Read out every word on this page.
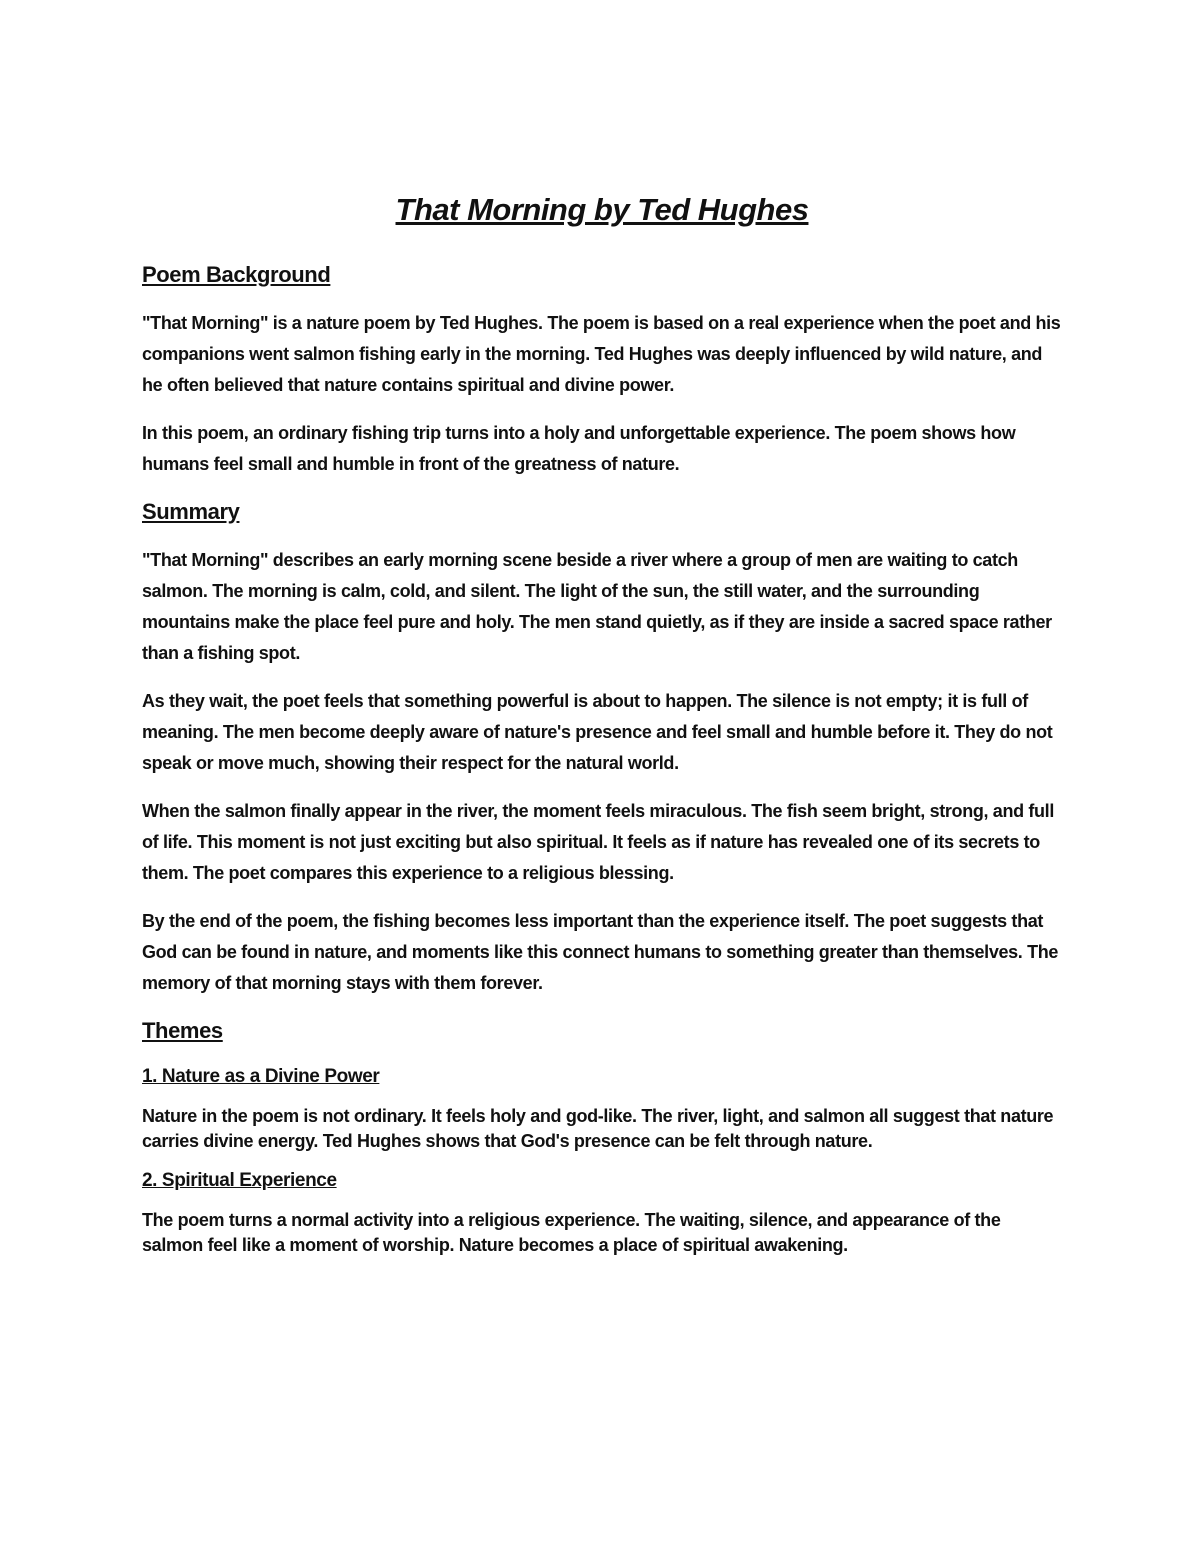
That Morning by Ted Hughes
Poem Background

"That Morning" is a nature poem by Ted Hughes. The poem is based on a real experience when the poet and his companions went salmon fishing early in the morning. Ted Hughes was deeply influenced by wild nature, and he often believed that nature contains spiritual and divine power.

In this poem, an ordinary fishing trip turns into a holy and unforgettable experience. The poem shows how humans feel small and humble in front of the greatness of nature.

Summary

"That Morning" describes an early morning scene beside a river where a group of men are waiting to catch salmon. The morning is calm, cold, and silent. The light of the sun, the still water, and the surrounding mountains make the place feel pure and holy. The men stand quietly, as if they are inside a sacred space rather than a fishing spot.

As they wait, the poet feels that something powerful is about to happen. The silence is not empty; it is full of meaning. The men become deeply aware of nature's presence and feel small and humble before it. They do not speak or move much, showing their respect for the natural world.

When the salmon finally appear in the river, the moment feels miraculous. The fish seem bright, strong, and full of life. This moment is not just exciting but also spiritual. It feels as if nature has revealed one of its secrets to them. The poet compares this experience to a religious blessing.

By the end of the poem, the fishing becomes less important than the experience itself. The poet suggests that God can be found in nature, and moments like this connect humans to something greater than themselves. The memory of that morning stays with them forever.

Themes
1. Nature as a Divine Power

Nature in the poem is not ordinary. It feels holy and god-like. The river, light, and salmon all suggest that nature carries divine energy. Ted Hughes shows that God's presence can be felt through nature.

2. Spiritual Experience

The poem turns a normal activity into a religious experience. The waiting, silence, and appearance of the salmon feel like a moment of worship. Nature becomes a place of spiritual awakening.
